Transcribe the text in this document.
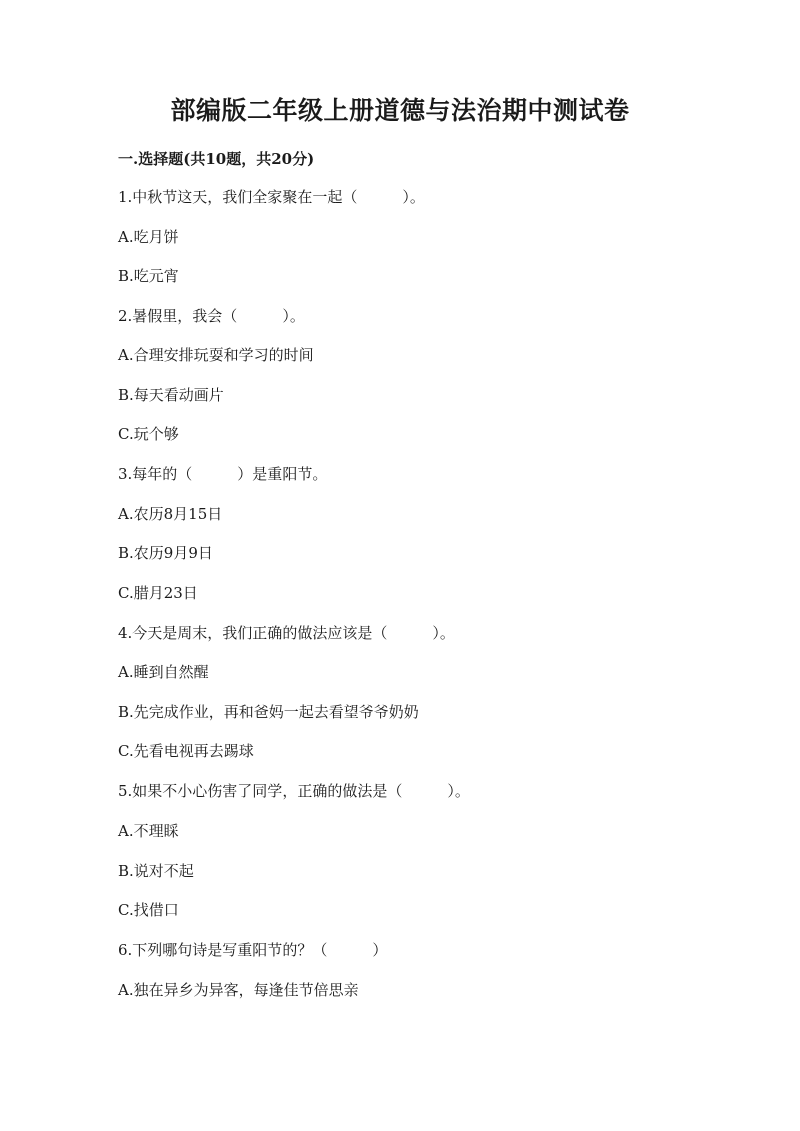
部编版二年级上册道德与法治期中测试卷
一.选择题(共10题，共20分)
1.中秋节这天，我们全家聚在一起（　　　）。
A.吃月饼
B.吃元宵
2.暑假里，我会（　　　）。
A.合理安排玩耍和学习的时间
B.每天看动画片
C.玩个够
3.每年的（　　　）是重阳节。
A.农历8月15日
B.农历9月9日
C.腊月23日
4.今天是周末，我们正确的做法应该是（　　　）。
A.睡到自然醒
B.先完成作业，再和爸妈一起去看望爷爷奶奶
C.先看电视再去踢球
5.如果不小心伤害了同学，正确的做法是（　　　）。
A.不理睬
B.说对不起
C.找借口
6.下列哪句诗是写重阳节的？（　　　）
A.独在异乡为异客，每逢佳节倍思亲
